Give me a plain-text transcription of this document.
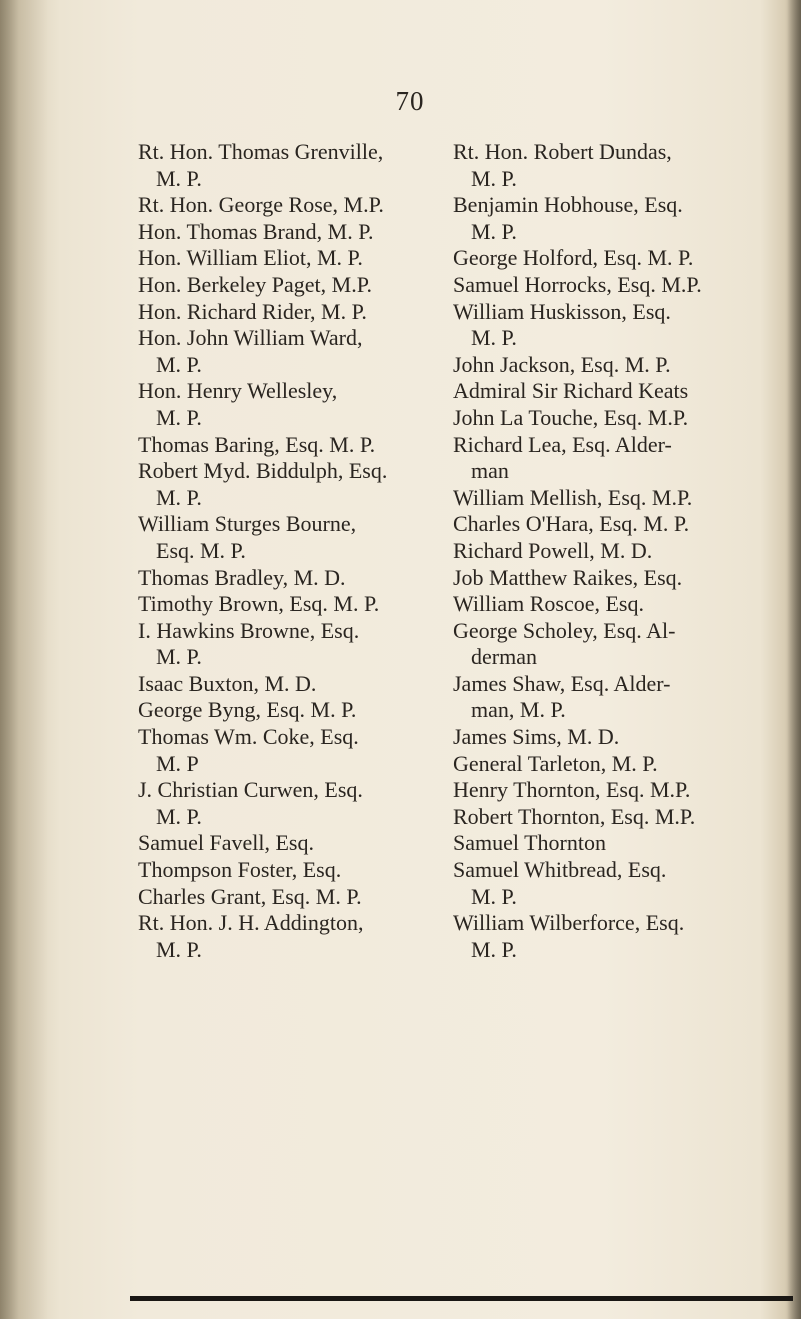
70
Rt. Hon. Thomas Grenville,
M. P.
Rt. Hon. George Rose, M.P.
Hon. Thomas Brand, M. P.
Hon. William Eliot, M. P.
Hon. Berkeley Paget, M.P.
Hon. Richard Rider, M. P.
Hon. John William Ward,
M. P.
Hon. Henry Wellesley,
M. P.
Thomas Baring, Esq. M. P.
Robert Myd. Biddulph, Esq.
M. P.
William Sturges Bourne,
Esq. M. P.
Thomas Bradley, M. D.
Timothy Brown, Esq. M. P.
I. Hawkins Browne, Esq.
M. P.
Isaac Buxton, M. D.
George Byng, Esq. M. P.
Thomas Wm. Coke, Esq.
M. P
J. Christian Curwen, Esq.
M. P.
Samuel Favell, Esq.
Thompson Foster, Esq.
Charles Grant, Esq. M. P.
Rt. Hon. J. H. Addington,
M. P.
Rt. Hon. Robert Dundas,
M. P.
Benjamin Hobhouse, Esq.
M. P.
George Holford, Esq. M. P.
Samuel Horrocks, Esq. M.P.
William Huskisson, Esq.
M. P.
John Jackson, Esq. M. P.
Admiral Sir Richard Keats
John La Touche, Esq. M.P.
Richard Lea, Esq. Alder-
man
William Mellish, Esq. M.P.
Charles O'Hara, Esq. M. P.
Richard Powell, M. D.
Job Matthew Raikes, Esq.
William Roscoe, Esq.
George Scholey, Esq. Al-
derman
James Shaw, Esq. Alder-
man, M. P.
James Sims, M. D.
General Tarleton, M. P.
Henry Thornton, Esq. M.P.
Robert Thornton, Esq. M.P.
Samuel Thornton
Samuel Whitbread, Esq.
M. P.
William Wilberforce, Esq.
M. P.
